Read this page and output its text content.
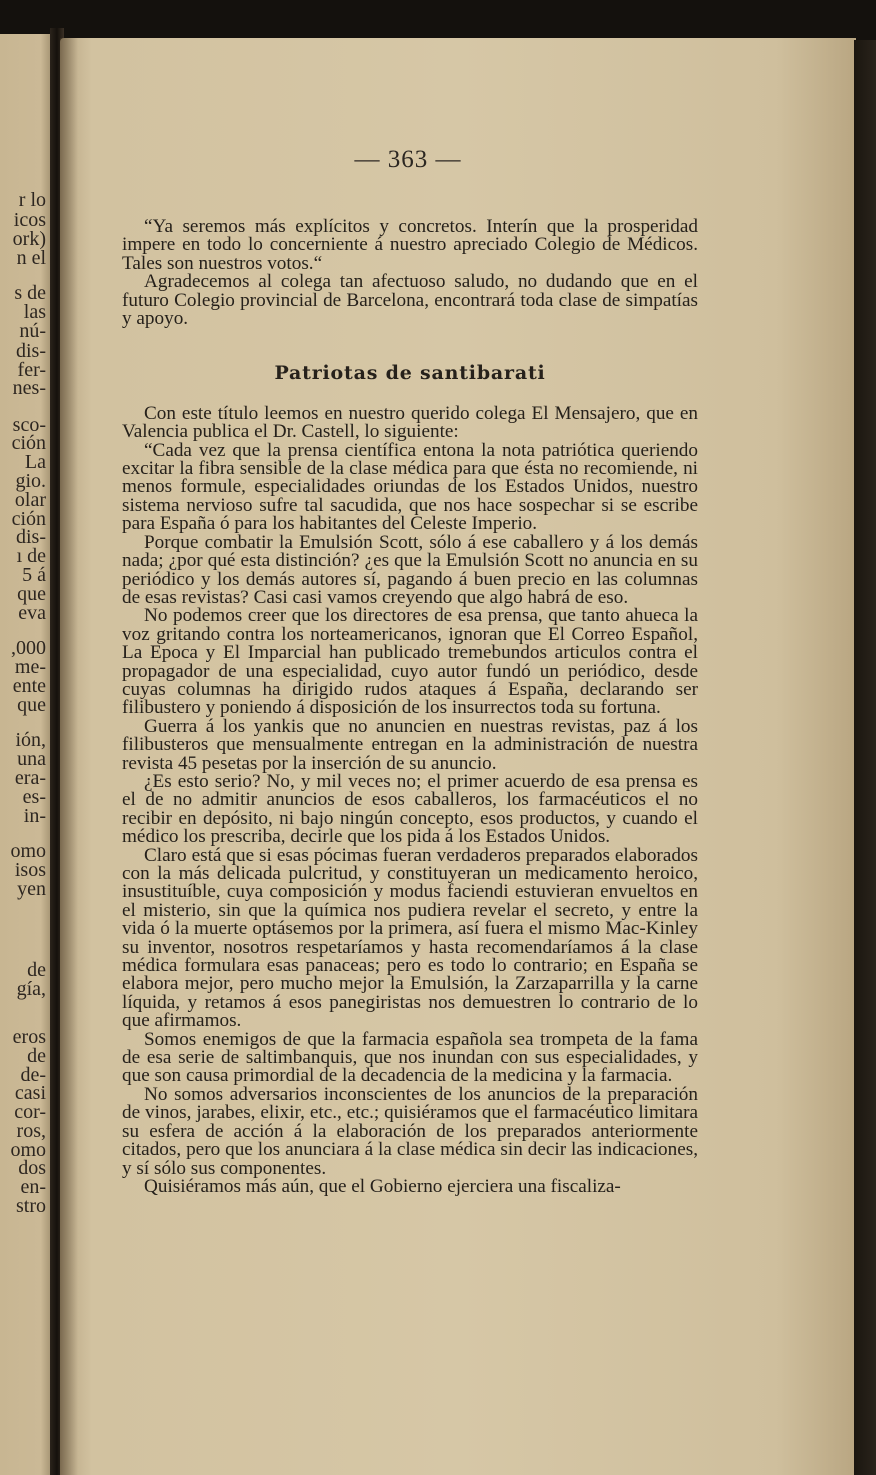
r lo
icos
ork)
n el
s de
las
nú-
dis-
fer-
nes-
sco-
ción
La
gio.
olar
ción
dis-
ı de
5 á
que
eva
,000
me-
ente
que
ión,
una
era-
es-
in-
omo
isos
yen
de
gía,
eros
de
de-
casi
cor-
ros,
omo
dos
en-
stro
— 363 —

“Ya seremos más explícitos y concretos. Interín que la prosperidad impere en todo lo concerniente á nuestro apreciado Colegio de Médicos. Tales son nuestros votos.“

Agradecemos al colega tan afectuoso saludo, no dudando que en el futuro Colegio provincial de Barcelona, encontrará toda clase de simpatías y apoyo.

Patriotas de santibarati

Con este título leemos en nuestro querido colega El Mensajero, que en Valencia publica el Dr. Castell, lo siguiente:

“Cada vez que la prensa científica entona la nota patriótica queriendo excitar la fibra sensible de la clase médica para que ésta no recomiende, ni menos formule, especialidades oriundas de los Estados Unidos, nuestro sistema nervioso sufre tal sacudida, que nos hace sospechar si se escribe para España ó para los habitantes del Celeste Imperio.

Porque combatir la Emulsión Scott, sólo á ese caballero y á los demás nada; ¿por qué esta distinción? ¿es que la Emulsión Scott no anuncia en su periódico y los demás autores sí, pagando á buen precio en las columnas de esas revistas? Casi casi vamos creyendo que algo habrá de eso.

No podemos creer que los directores de esa prensa, que tanto ahueca la voz gritando contra los norteamericanos, ignoran que El Correo Español, La Epoca y El Imparcial han publicado tremebundos articulos contra el propagador de una especialidad, cuyo autor fundó un periódico, desde cuyas columnas ha dirigido rudos ataques á España, declarando ser filibustero y poniendo á disposición de los insurrectos toda su fortuna.

Guerra á los yankis que no anuncien en nuestras revistas, paz á los filibusteros que mensualmente entregan en la administración de nuestra revista 45 pesetas por la inserción de su anuncio.

¿Es esto serio? No, y mil veces no; el primer acuerdo de esa prensa es el de no admitir anuncios de esos caballeros, los farmacéuticos el no recibir en depósito, ni bajo ningún concepto, esos productos, y cuando el médico los prescriba, decirle que los pida á los Estados Unidos.

Claro está que si esas pócimas fueran verdaderos preparados elaborados con la más delicada pulcritud, y constituyeran un medicamento heroico, insustituíble, cuya composición y modus faciendi estuvieran envueltos en el misterio, sin que la química nos pudiera revelar el secreto, y entre la vida ó la muerte optásemos por la primera, así fuera el mismo Mac-Kinley su inventor, nosotros respetaríamos y hasta recomendaríamos á la clase médica formulara esas panaceas; pero es todo lo contrario; en España se elabora mejor, pero mucho mejor la Emulsión, la Zarzaparrilla y la carne líquida, y retamos á esos panegiristas nos demuestren lo contrario de lo que afirmamos.

Somos enemigos de que la farmacia española sea trompeta de la fama de esa serie de saltimbanquis, que nos inundan con sus especialidades, y que son causa primordial de la decadencia de la medicina y la farmacia.

No somos adversarios inconscientes de los anuncios de la preparación de vinos, jarabes, elixir, etc., etc.; quisiéramos que el farmacéutico limitara su esfera de acción á la elaboración de los preparados anteriormente citados, pero que los anunciara á la clase médica sin decir las indicaciones, y sí sólo sus componentes.

Quisiéramos más aún, que el Gobierno ejerciera una fiscaliza-
